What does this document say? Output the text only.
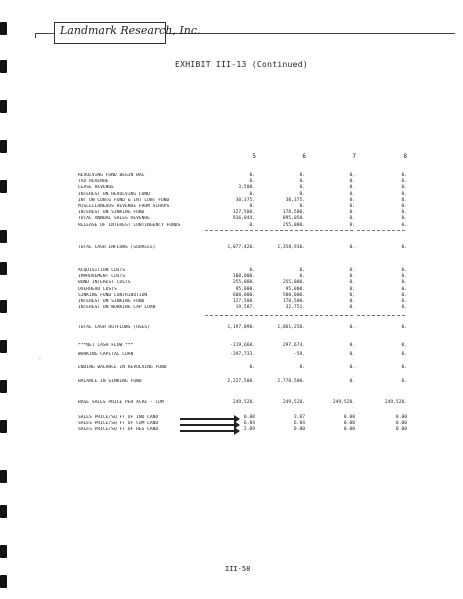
Landmark Research, Inc.
EXHIBIT III-13 (Continued)
5	6	7	8
REVOLVING FUND BEGIN BAL	0.	0.	0.	0.
TAX REVENUE	0.	0.	0.	0.
LEASE REVENUE	3,500.	0.	0.	0.
INTEREST ON REVOLVING FUND	0.	0.	0.	0.
INT ON CONTG FUND & INT CONT FUND	30,375.	30,375.	0.	0.
MISCELLANEOUS REVENUE FROM SCRAPS	0.	0.	0.	0.
INTEREST ON SINKING FUND	127,500.	178,500.	0.	0.
TOTAL ANNUAL SALES REVENUE	916,044.	895,050.	0.	0.
RELEASE OF INTEREST CONTINGENCY FUNDS	0.	255,000.	0.	0.
TOTAL CASH INFLOWS (SOURCES)	1,077,420.	1,358,930.	0.	0.
ACQUISITION COSTS	0.	0.	0.	0.
IMPROVEMENT COSTS	100,000.	0.	0.	0.
BOND INTEREST COSTS	255,000.	255,000.	0.	0.
OVERHEAD COSTS	95,000.	95,000.	0.	0.
SINKING FUND CONTRIBUTION	600,000.	500,000.	0.	0.
INTEREST ON SINKING FUND	127,500.	178,500.	0.	0.
INTEREST ON WORKING CAP LOAN	19,587.	32,751.	0.	0.
TOTAL CASH OUTFLOWS (USES)	1,197,090.	1,061,250.	0.	0.
***NET CASH FLOW ***	-119,668.	297,674.	0.	0.
WORKING CAPITAL LOAN	-297,733.	-59.	0.	0.
ENDING BALANCE IN REVOLVING FUND	0.	0.	0.	0.
BALANCE IN SINKING FUND	2,227,500.	2,778,500.	0.	0.
BASE SALES PRICE PER ACRE - COM	249,528.	249,528.	249,528.	249,528.
SALES PRICE/SQ FT OF IND LAND	0.00	3.07	0.00	0.00
SALES PRICE/SQ FT OF COM LAND	6.84	6.84	0.00	0.00
SALES PRICE/SQ FT OF RES LAND	2.09	0.00	0.00	0.00
-
III-58
